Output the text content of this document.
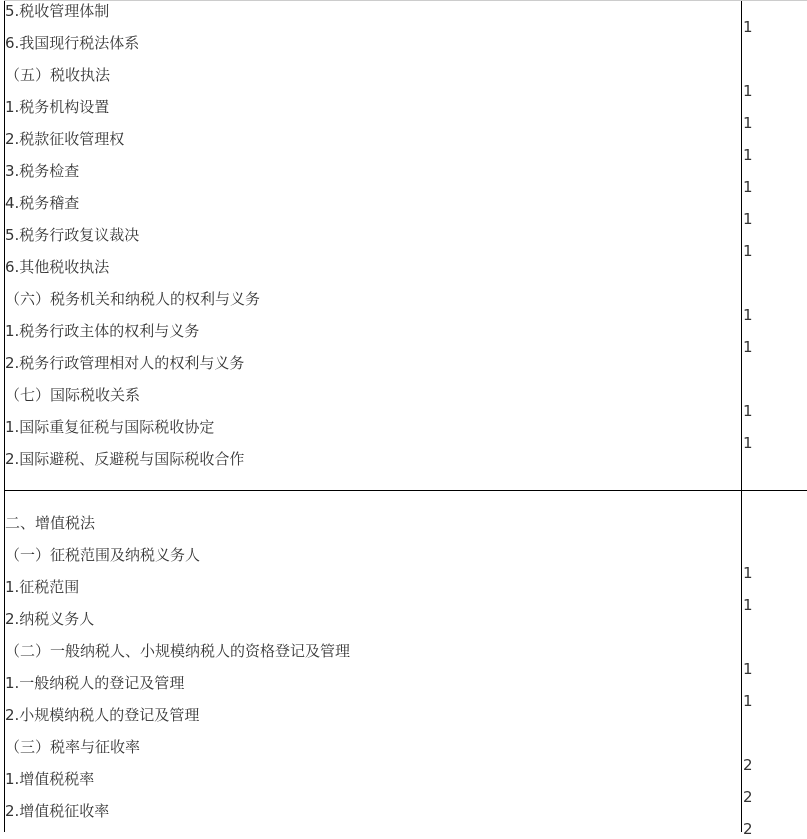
5.税收管理体制
6.我国现行税法体系
（五）税收执法
1.税务机构设置
2.税款征收管理权
3.税务检查
4.税务稽查
5.税务行政复议裁决
6.其他税收执法
（六）税务机关和纳税人的权利与义务
1.税务行政主体的权利与义务
2.税务行政管理相对人的权利与义务
（七）国际税收关系
1.国际重复征税与国际税收协定
2.国际避税、反避税与国际税收合作
1
1
1
1
1
1
1
1
1
1
1
二、增值税法
（一）征税范围及纳税义务人
1.征税范围
2.纳税义务人
（二）一般纳税人、小规模纳税人的资格登记及管理
1.一般纳税人的登记及管理
2.小规模纳税人的登记及管理
（三）税率与征收率
1.增值税税率
2.增值税征收率
1
1
1
1
2
2
2
